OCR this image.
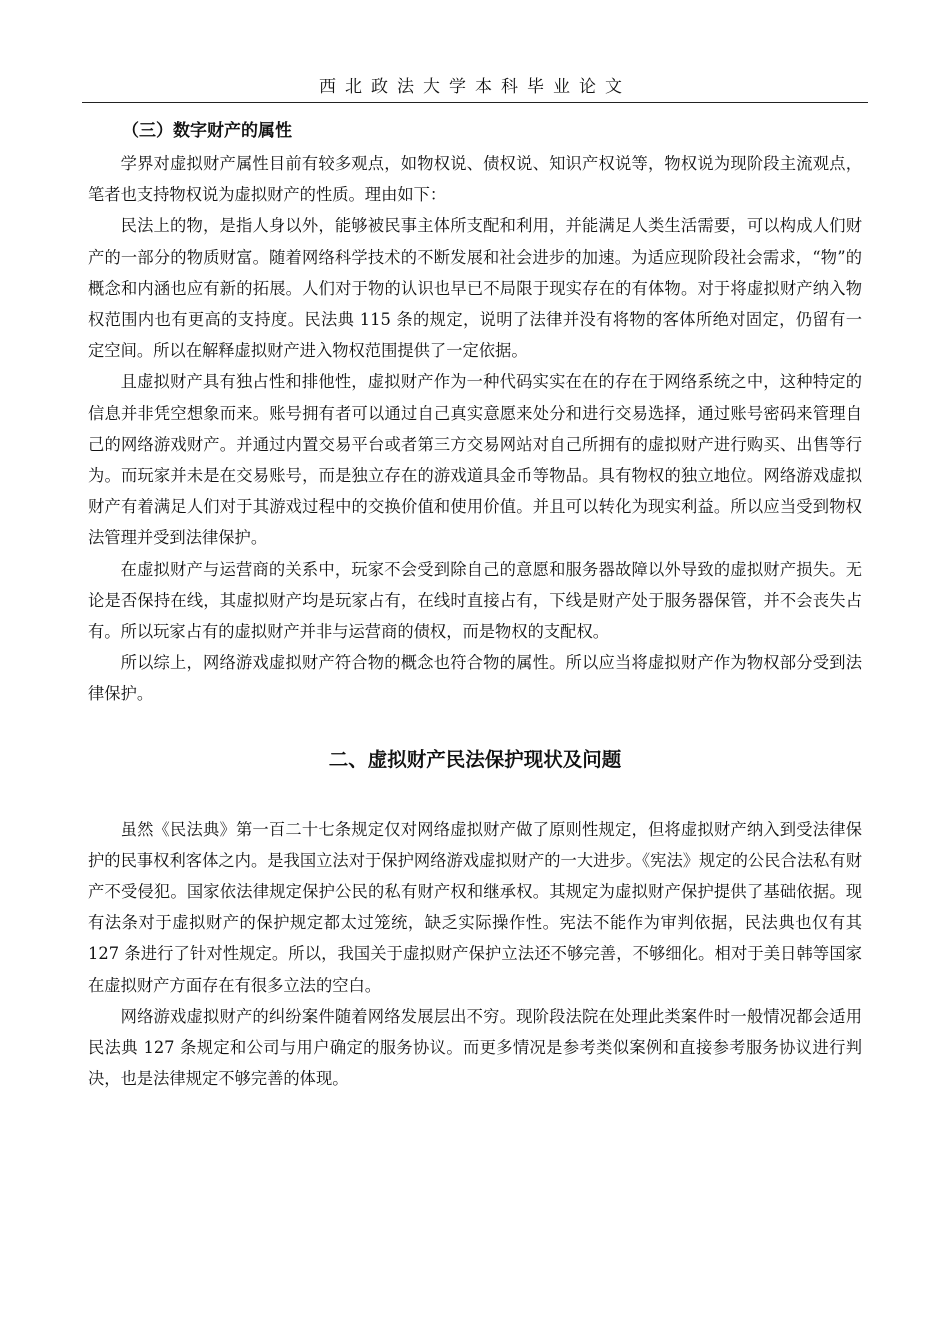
西北政法大学本科毕业论文
（三）数字财产的属性

学界对虚拟财产属性目前有较多观点，如物权说、债权说、知识产权说等，物权说为现阶段主流观点，笔者也支持物权说为虚拟财产的性质。理由如下：

民法上的物，是指人身以外，能够被民事主体所支配和利用，并能满足人类生活需要，可以构成人们财产的一部分的物质财富。随着网络科学技术的不断发展和社会进步的加速。为适应现阶段社会需求，“物”的概念和内涵也应有新的拓展。人们对于物的认识也早已不局限于现实存在的有体物。对于将虚拟财产纳入物权范围内也有更高的支持度。民法典 115 条的规定，说明了法律并没有将物的客体所绝对固定，仍留有一定空间。所以在解释虚拟财产进入物权范围提供了一定依据。

且虚拟财产具有独占性和排他性，虚拟财产作为一种代码实实在在的存在于网络系统之中，这种特定的信息并非凭空想象而来。账号拥有者可以通过自己真实意愿来处分和进行交易选择，通过账号密码来管理自己的网络游戏财产。并通过内置交易平台或者第三方交易网站对自己所拥有的虚拟财产进行购买、出售等行为。而玩家并未是在交易账号，而是独立存在的游戏道具金币等物品。具有物权的独立地位。网络游戏虚拟财产有着满足人们对于其游戏过程中的交换价值和使用价值。并且可以转化为现实利益。所以应当受到物权法管理并受到法律保护。

在虚拟财产与运营商的关系中，玩家不会受到除自己的意愿和服务器故障以外导致的虚拟财产损失。无论是否保持在线，其虚拟财产均是玩家占有，在线时直接占有，下线是财产处于服务器保管，并不会丧失占有。所以玩家占有的虚拟财产并非与运营商的债权，而是物权的支配权。

所以综上，网络游戏虚拟财产符合物的概念也符合物的属性。所以应当将虚拟财产作为物权部分受到法律保护。

二、虚拟财产民法保护现状及问题

虽然《民法典》第一百二十七条规定仅对网络虚拟财产做了原则性规定，但将虚拟财产纳入到受法律保护的民事权利客体之内。是我国立法对于保护网络游戏虚拟财产的一大进步。《宪法》规定的公民合法私有财产不受侵犯。国家依法律规定保护公民的私有财产权和继承权。其规定为虚拟财产保护提供了基础依据。现有法条对于虚拟财产的保护规定都太过笼统，缺乏实际操作性。宪法不能作为审判依据，民法典也仅有其 127 条进行了针对性规定。所以，我国关于虚拟财产保护立法还不够完善，不够细化。相对于美日韩等国家在虚拟财产方面存在有很多立法的空白。

网络游戏虚拟财产的纠纷案件随着网络发展层出不穷。现阶段法院在处理此类案件时一般情况都会适用民法典 127 条规定和公司与用户确定的服务协议。而更多情况是参考类似案例和直接参考服务协议进行判决，也是法律规定不够完善的体现。
